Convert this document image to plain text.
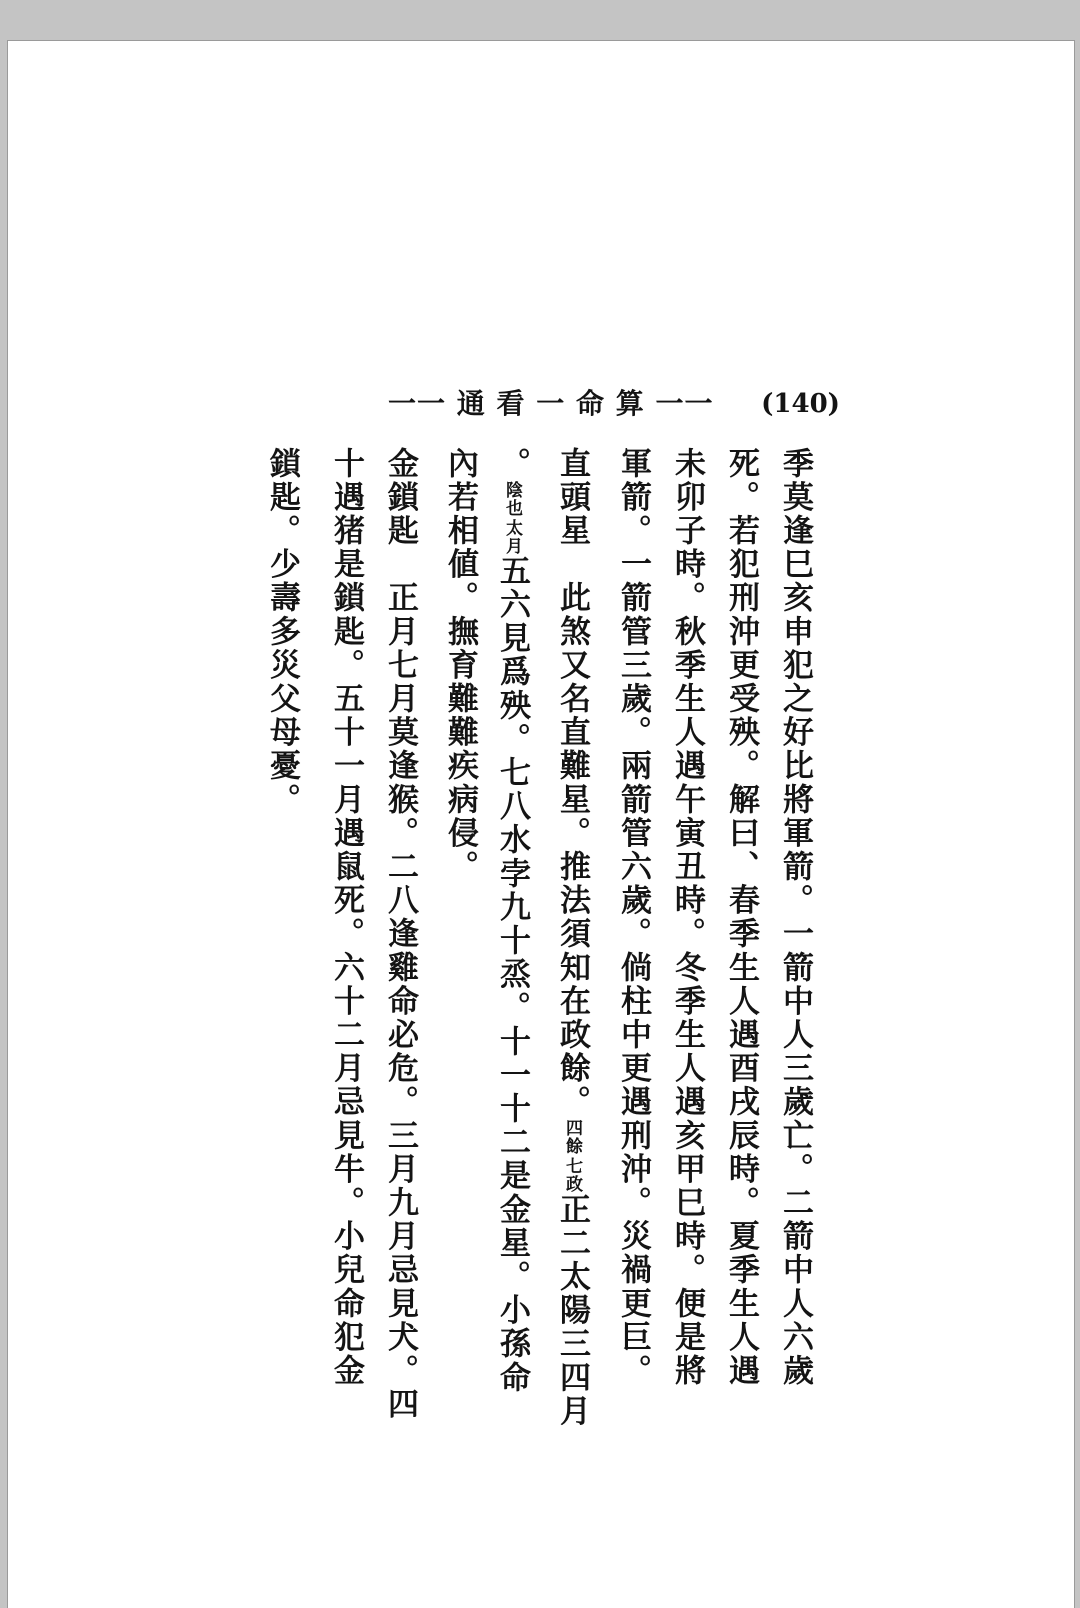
一一 通 看 一 命 算 一一 (140)
季莫逢巳亥申犯之好比將軍箭。一箭中人三歲亡。二箭中人六歲
死。若犯刑沖更受殃。解曰、春季生人遇酉戌辰時。夏季生人遇
未卯子時。秋季生人遇午寅丑時。冬季生人遇亥甲巳時。便是將
軍箭。一箭管三歲。兩箭管六歲。倘柱中更遇刑沖。災禍更巨。
直頭星　此煞又名直難星。推法須知在政餘。
七政
四餘
正二太陽三四月
。
太月
陰也
五六見爲殃。七八水孛九十烝。十一十二是金星。小孫命
內若相値。撫育難難疾病侵。
金鎖匙　正月七月莫逢猴。二八逢雞命必危。三月九月忌見犬。四
十遇猪是鎖匙。五十一月遇鼠死。六十二月忌見牛。小兒命犯金
鎖匙。少壽多災父母憂。
